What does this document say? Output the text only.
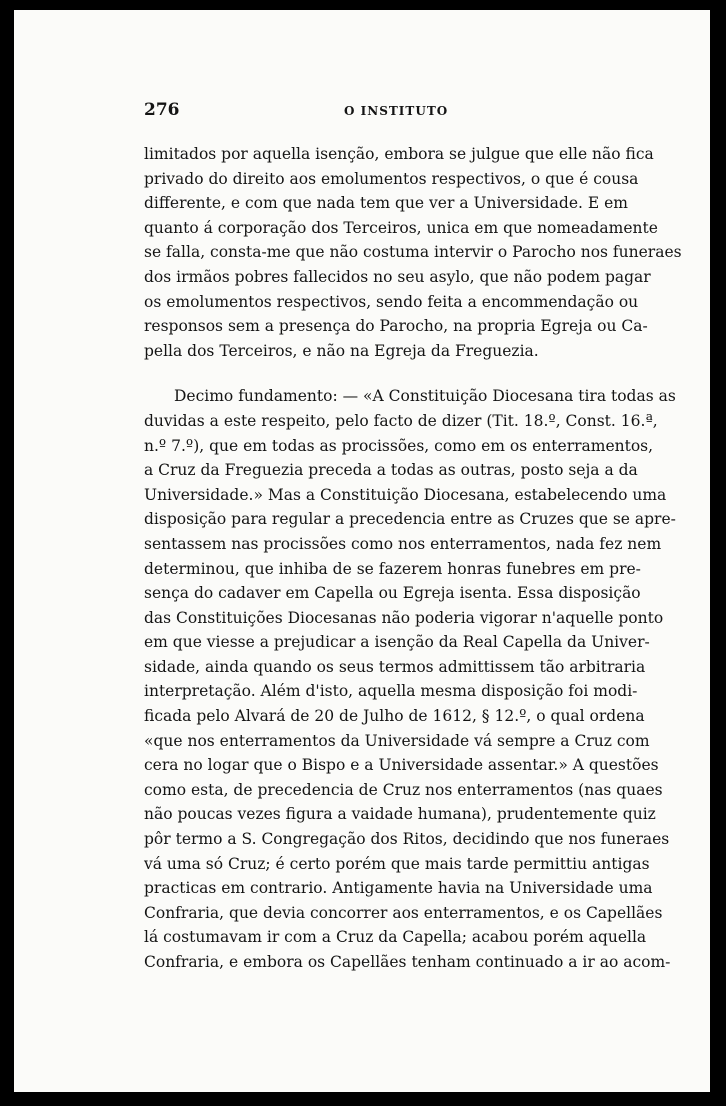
276	O INSTITUTO
limitados por aquella isenção, embora se julgue que elle não fica
privado do direito aos emolumentos respectivos, o que é cousa
differente, e com que nada tem que ver a Universidade. E em
quanto á corporação dos Terceiros, unica em que nomeadamente
se falla, consta-me que não costuma intervir o Parocho nos funeraes
dos irmãos pobres fallecidos no seu asylo, que não podem pagar
os emolumentos respectivos, sendo feita a encommendação ou
responsos sem a presença do Parocho, na propria Egreja ou Ca-
pella dos Terceiros, e não na Egreja da Freguezia.
Decimo fundamento: — «A Constituição Diocesana tira todas as
duvidas a este respeito, pelo facto de dizer (Tit. 18.º, Const. 16.ª,
n.º 7.º), que em todas as procissões, como em os enterramentos,
a Cruz da Freguezia preceda a todas as outras, posto seja a da
Universidade.» Mas a Constituição Diocesana, estabelecendo uma
disposição para regular a precedencia entre as Cruzes que se apre-
sentassem nas procissões como nos enterramentos, nada fez nem
determinou, que inhiba de se fazerem honras funebres em pre-
sença do cadaver em Capella ou Egreja isenta. Essa disposição
das Constituições Diocesanas não poderia vigorar n'aquelle ponto
em que viesse a prejudicar a isenção da Real Capella da Univer-
sidade, ainda quando os seus termos admittissem tão arbitraria
interpretação. Além d'isto, aquella mesma disposição foi modi-
ficada pelo Alvará de 20 de Julho de 1612, § 12.º, o qual ordena
«que nos enterramentos da Universidade vá sempre a Cruz com
cera no logar que o Bispo e a Universidade assentar.» A questões
como esta, de precedencia de Cruz nos enterramentos (nas quaes
não poucas vezes figura a vaidade humana), prudentemente quiz
pôr termo a S. Congregação dos Ritos, decidindo que nos funeraes
vá uma só Cruz; é certo porém que mais tarde permittiu antigas
practicas em contrario. Antigamente havia na Universidade uma
Confraria, que devia concorrer aos enterramentos, e os Capellães
lá costumavam ir com a Cruz da Capella; acabou porém aquella
Confraria, e embora os Capellães tenham continuado a ir ao acom-
